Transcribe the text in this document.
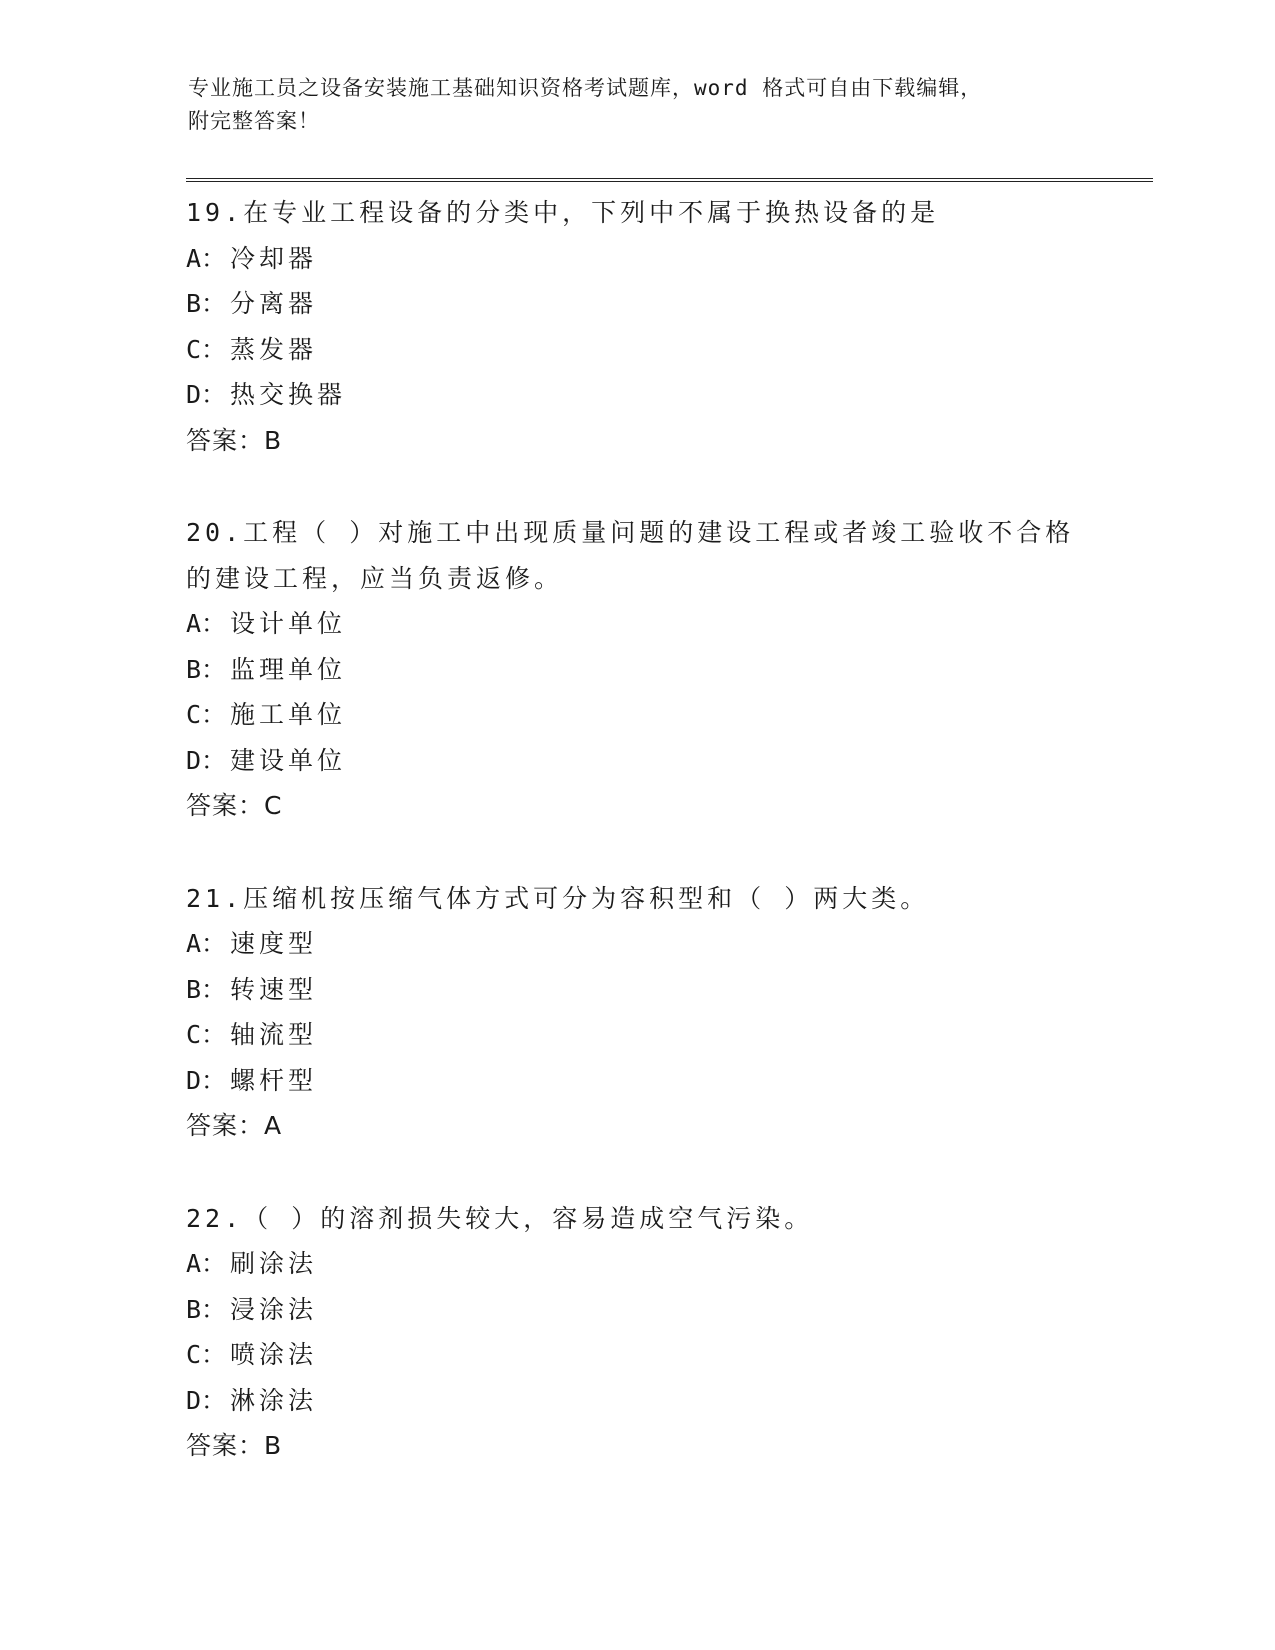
专业施工员之设备安装施工基础知识资格考试题库，word 格式可自由下载编辑，
附完整答案！
19.在专业工程设备的分类中，下列中不属于换热设备的是
A： 冷却器
B： 分离器
C： 蒸发器
D： 热交换器
答案：B
20.工程（ ）对施工中出现质量问题的建设工程或者竣工验收不合格
的建设工程，应当负责返修。
A： 设计单位
B： 监理单位
C： 施工单位
D： 建设单位
答案：C
21.压缩机按压缩气体方式可分为容积型和（ ）两大类。
A： 速度型
B： 转速型
C： 轴流型
D： 螺杆型
答案：A
22.（ ）的溶剂损失较大，容易造成空气污染。
A： 刷涂法
B： 浸涂法
C： 喷涂法
D： 淋涂法
答案：B
